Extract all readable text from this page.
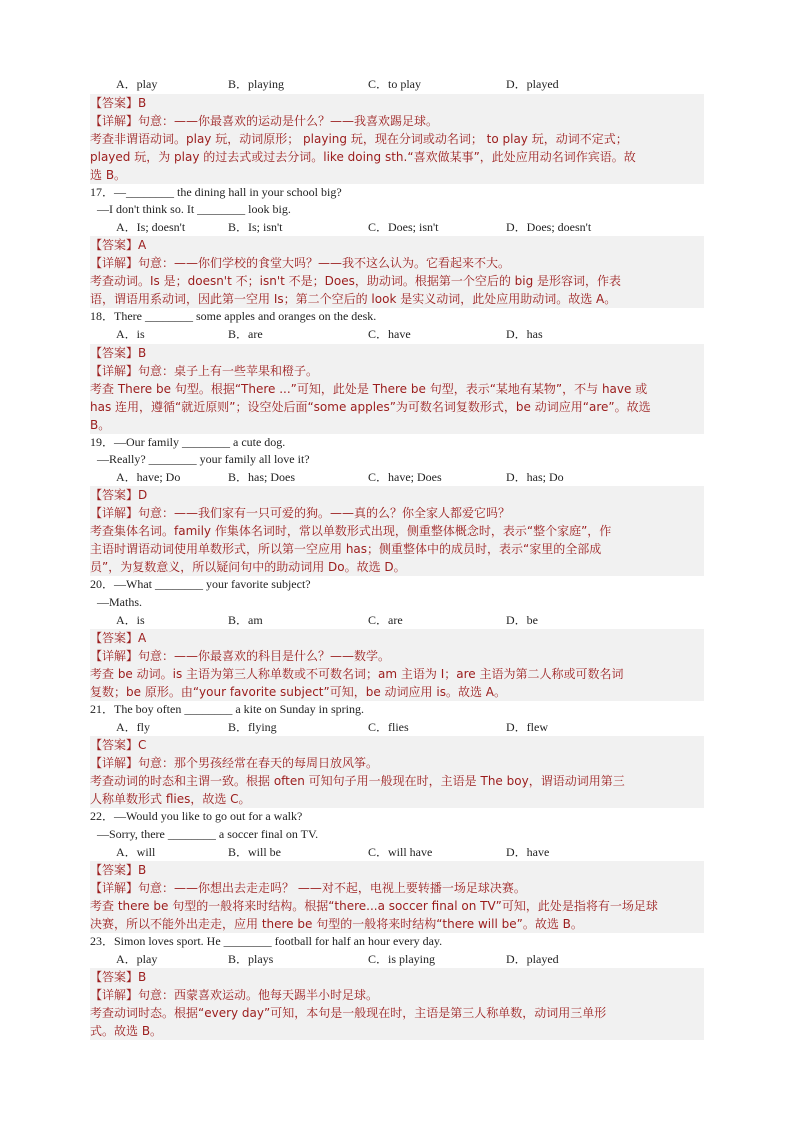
A．play	B．playing	C．to play	D．played
【答案】B
【详解】句意：——你最喜欢的运动是什么？——我喜欢踢足球。
考查非谓语动词。play 玩，动词原形； playing 玩，现在分词或动名词； to play 玩，动词不定式；
played 玩，为 play 的过去式或过去分词。like doing sth.“喜欢做某事”，此处应用动名词作宾语。故
选 B。
17．—________ the dining hall in your school big?
—I don't think so. It ________ look big.
A．Is; doesn't	B．Is; isn't	C．Does; isn't	D．Does; doesn't
【答案】A
【详解】句意：——你们学校的食堂大吗？——我不这么认为。它看起来不大。
考查动词。Is 是；doesn't 不；isn't 不是；Does，助动词。根据第一个空后的 big 是形容词，作表
语，谓语用系动词，因此第一空用 Is；第二个空后的 look 是实义动词，此处应用助动词。故选 A。
18．There ________ some apples and oranges on the desk.
A．is	B．are	C．have	D．has
【答案】B
【详解】句意：桌子上有一些苹果和橙子。
考查 There be 句型。根据“There ...”可知，此处是 There be 句型，表示“某地有某物”，不与 have 或
has 连用，遵循“就近原则”；设空处后面“some apples”为可数名词复数形式，be 动词应用“are”。故选
B。
19．—Our family ________ a cute dog.
—Really? ________ your family all love it?
A．have; Do	B．has; Does	C．have; Does	D．has; Do
【答案】D
【详解】句意：——我们家有一只可爱的狗。——真的么？你全家人都爱它吗？
考查集体名词。family 作集体名词时，常以单数形式出现，侧重整体概念时，表示“整个家庭”，作
主语时谓语动词使用单数形式，所以第一空应用 has；侧重整体中的成员时，表示“家里的全部成
员”，为复数意义，所以疑问句中的助动词用 Do。故选 D。
20．—What ________ your favorite subject?
—Maths.
A．is	B．am	C．are	D．be
【答案】A
【详解】句意：——你最喜欢的科目是什么？——数学。
考查 be 动词。is 主语为第三人称单数或不可数名词；am 主语为 I；are 主语为第二人称或可数名词
复数；be 原形。由“your favorite subject”可知，be 动词应用 is。故选 A。
21．The boy often ________ a kite on Sunday in spring.
A．fly	B．flying	C．flies	D．flew
【答案】C
【详解】句意：那个男孩经常在春天的每周日放风筝。
考查动词的时态和主谓一致。根据 often 可知句子用一般现在时，主语是 The boy，谓语动词用第三
人称单数形式 flies，故选 C。
22．—Would you like to go out for a walk?
—Sorry, there ________ a soccer final on TV.
A．will	B．will be	C．will have	D．have
【答案】B
【详解】句意：——你想出去走走吗？ ——对不起，电视上要转播一场足球决赛。
考查 there be 句型的一般将来时结构。根据“there...a soccer final on TV”可知，此处是指将有一场足球
决赛，所以不能外出走走，应用 there be 句型的一般将来时结构“there will be”。故选 B。
23．Simon loves sport. He ________ football for half an hour every day.
A．play	B．plays	C．is playing	D．played
【答案】B
【详解】句意：西蒙喜欢运动。他每天踢半小时足球。
考查动词时态。根据“every day”可知，本句是一般现在时，主语是第三人称单数，动词用三单形
式。故选 B。
